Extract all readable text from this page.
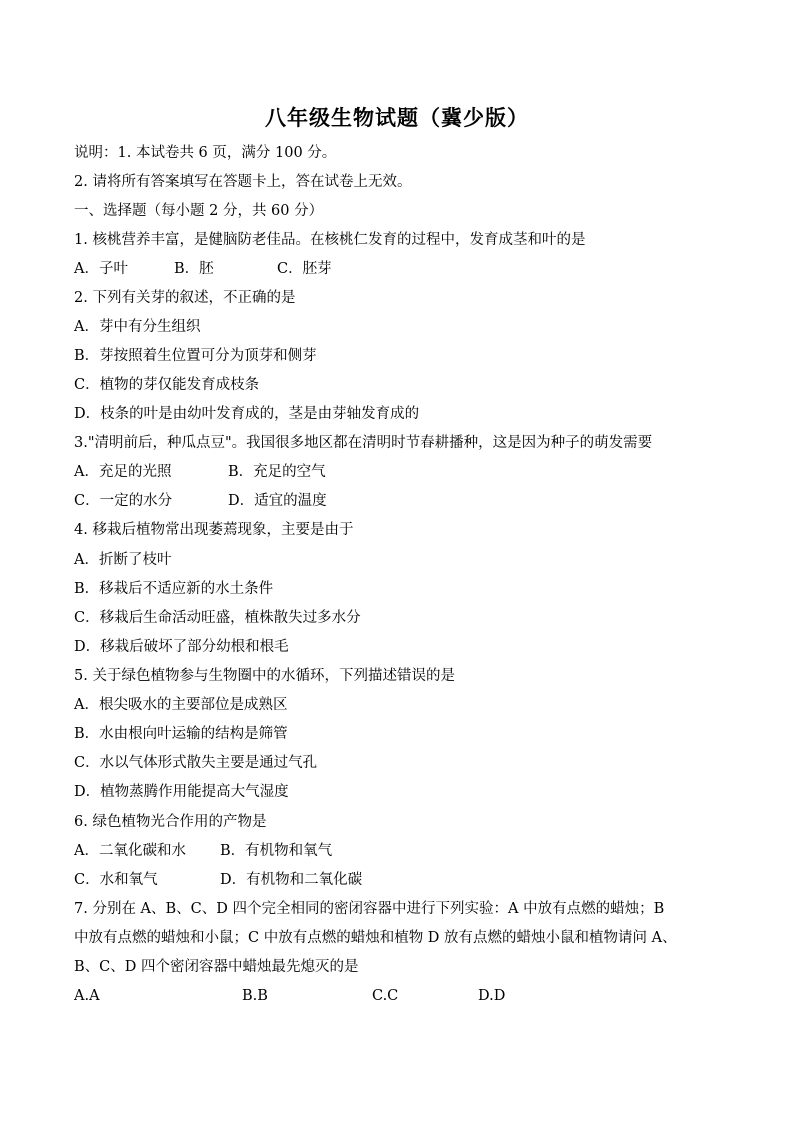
八年级生物试题（冀少版）
说明：1. 本试卷共 6 页，满分 100 分。
2. 请将所有答案填写在答题卡上，答在试卷上无效。
一、选择题（每小题 2 分，共 60 分）
1. 核桃营养丰富，是健脑防老佳品。在核桃仁发育的过程中，发育成茎和叶的是
A．子叶	B．胚	C．胚芽
2. 下列有关芽的叙述，不正确的是
A．芽中有分生组织
B．芽按照着生位置可分为顶芽和侧芽
C．植物的芽仅能发育成枝条
D．枝条的叶是由幼叶发育成的，茎是由芽轴发育成的
3."清明前后，种瓜点豆"。我国很多地区都在清明时节春耕播种，这是因为种子的萌发需要
A．充足的光照	B．充足的空气
C．一定的水分	D．适宜的温度
4. 移栽后植物常出现萎蔫现象，主要是由于
A．折断了枝叶
B．移栽后不适应新的水土条件
C．移栽后生命活动旺盛，植株散失过多水分
D．移栽后破坏了部分幼根和根毛
5. 关于绿色植物参与生物圈中的水循环，下列描述错误的是
A．根尖吸水的主要部位是成熟区
B．水由根向叶运输的结构是筛管
C．水以气体形式散失主要是通过气孔
D．植物蒸腾作用能提高大气湿度
6. 绿色植物光合作用的产物是
A．二氧化碳和水 B．有机物和氧气
C．水和氧气	D．有机物和二氧化碳
7. 分别在 A、B、C、D 四个完全相同的密闭容器中进行下列实验：A 中放有点燃的蜡烛；B
中放有点燃的蜡烛和小鼠；C 中放有点燃的蜡烛和植物 D 放有点燃的蜡烛小鼠和植物请问 A、
B、C、D 四个密闭容器中蜡烛最先熄灭的是
A.A	B.B	C.C	D.D
